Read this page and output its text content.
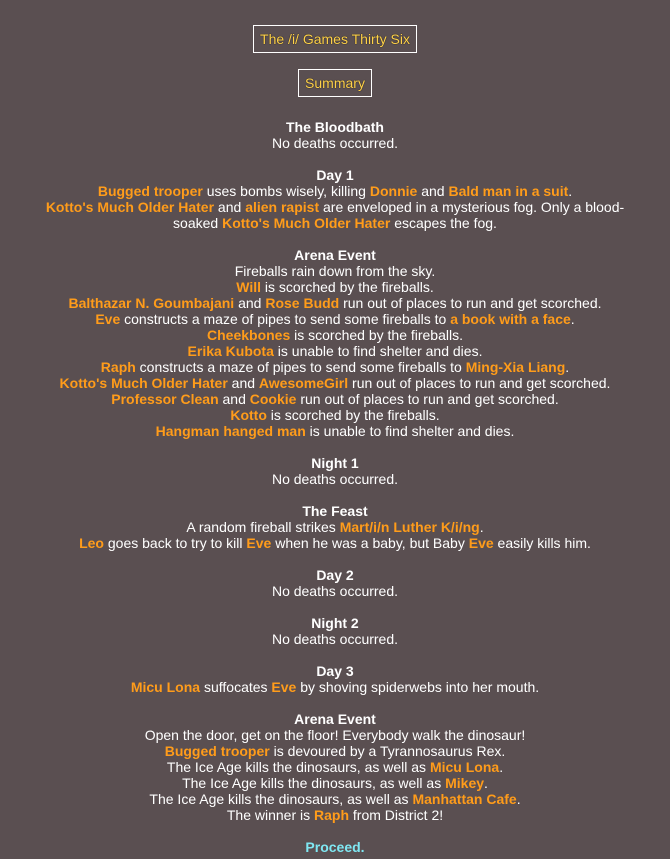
The /i/ Games Thirty Six
Summary
The Bloodbath
No deaths occurred.
Day 1
Bugged trooper uses bombs wisely, killing Donnie and Bald man in a suit.
Kotto's Much Older Hater and alien rapist are enveloped in a mysterious fog. Only a blood-soaked Kotto's Much Older Hater escapes the fog.
Arena Event
Fireballs rain down from the sky.
Will is scorched by the fireballs.
Balthazar N. Goumbajani and Rose Budd run out of places to run and get scorched.
Eve constructs a maze of pipes to send some fireballs to a book with a face.
Cheekbones is scorched by the fireballs.
Erika Kubota is unable to find shelter and dies.
Raph constructs a maze of pipes to send some fireballs to Ming-Xia Liang.
Kotto's Much Older Hater and AwesomeGirl run out of places to run and get scorched.
Professor Clean and Cookie run out of places to run and get scorched.
Kotto is scorched by the fireballs.
Hangman hanged man is unable to find shelter and dies.
Night 1
No deaths occurred.
The Feast
A random fireball strikes Mart/i/n Luther K/i/ng.
Leo goes back to try to kill Eve when he was a baby, but Baby Eve easily kills him.
Day 2
No deaths occurred.
Night 2
No deaths occurred.
Day 3
Micu Lona suffocates Eve by shoving spiderwebs into her mouth.
Arena Event
Open the door, get on the floor! Everybody walk the dinosaur!
Bugged trooper is devoured by a Tyrannosaurus Rex.
The Ice Age kills the dinosaurs, as well as Micu Lona.
The Ice Age kills the dinosaurs, as well as Mikey.
The Ice Age kills the dinosaurs, as well as Manhattan Cafe.
The winner is Raph from District 2!
Proceed.
